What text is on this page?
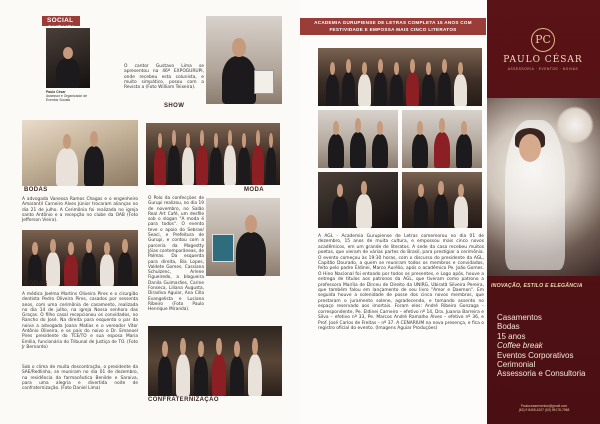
SOCIAL
Paulo César
Assessor e Organizador de Eventos Sociais
O cantor Gustavo Lima se apresentou na 46ª EXPOGURUPI, onde recebeu esta colunista, e muito simpático, posou com a Revista a (Foto William Teixeira).
SHOW
BODAS
A advogada Vanessa Ramos Chagas e o engenheiro Amarantil Carneiro Alves Júnior trocaram alianças no dia 21 de julho. A Cerimônia foi realizada no igreja santo Antônio e a recepção no clube da OAB (Foto Jefferson Vieira).
MODA
O Polo da confecções de Gurupi realizou, no dia 19 de novembro, no Salão Real Art Café, um desfile sob o slogan "A moda é para todos". O evento teve o apoio do Sebrae/ Seaci, e Prefeitura de Gurupi, e contou com a parceria da Magestty Jóias contemporâneas, de Palmas. Da esquerda para direita, Bia Lopes, Valdete Gomes, Cassiana Schulzenc, Arlene Figueiredo, a blogueira Danila Guimarães, Carine Fonseca, Liliana Augusta, Diradiva Aguiar, Ana Cilla Evangelista e Luciana Ribeiro (Foto Paulo Henrique Miranda).
BODAS
A médica Joelma Martins Oliveira Pires e o cirurgião dentista Pedro Oliveira Pires, casados por sessenta anos, com uma cerimônia de casamento, realizada no dia 14 de julho, na igreja Nossa senhora das Graças. O filho casal recepcionou os convidados, no Rancho do José. Na direita para esquerda o par da noiva a advogada Joana Matias e o vereador Vitor Antônio Oliveira, e os pais do noivo o Dr. Emanoel Pires presidente do TCE/TO e sua esposa Maria Emília, funcionária do Tribunal de Justiça de TO. (Foto Jr Bernardo)
Sob o clima de muita descontração, o presidente da SAE/Redlinha, se reuniram no dia 01 de dezembro, na residência da farmacêutica Benilde e Saraiva, para uma alegria e divertida noite de confraternização. (Foto Daniel Lima)
CONFRATERNIZAÇÃO
ACADEMIA GURUPIENSE DE LETRAS COMPLETA 15 ANOS COM FESTIVIDADE E EMPOSSA MAIS CINCO LITERATOS
A AGL - Academia Gurupiense de Letras comemorou no dia 01 de dezembro, 15 anos de muita cultura, e empossou mais cinco novos acadêmicos, em um grande de literatos. A sede da casa recebeu muitos poetas, que vieram de várias partes do Brasil, para prestigiar a cerimônia. O evento começou às 19:30 horas, com o discurso do presidente da AGL, Capitão Dourado, a quem se reuniram todos os membros e convidados, feito pelo padre Eldinei, Marco Aurélio, após o acadêmico Pe. João Gomes. O Hino Nacional foi entoado por todos os presentes, e Logo após, houve a entrega de títulos aos patronos da AGL, que tiveram como patrono a professora Marília de Dirceu de Direito da UNIRG, Ubiratã Silveira Pereira, que também falou em lançamento de seu livro "Amor e Daemon". Em seguida houve a solenidade de posse dos cinco novos membros, que prestaram o juramento solene, agradecendo, e tomando assento no espaço reservado aos imortais. Foram eles: André Ribeiro Gonzaga – correspondente, Pe. Eldinei Carneiro – efetivo nº 14, Dra. Juanna Barreira e Silva – efetivo nº 33, Pe. Marcos André Ramalho Alves – efetivo nº 36, e Prof. José Carlos de Freitas – nº 37. A CENARIUM na nova presença, e fica o registro oficial do evento. (Imagens Aguiar Produções)
PC
PAULO CÉSAR
ASSESSORIA · EVENTOS · NOIVAS
INOVAÇÃO, ESTILO E ELEGÂNCIA
Casamentos
Bodas
15 anos
Coffee break
Eventos Corporativos
Cerimonial
Assessoria e Consultoria
Paulocesareventos@gmail.com
(63) 9 8405-4207 (63) 99178-7968
